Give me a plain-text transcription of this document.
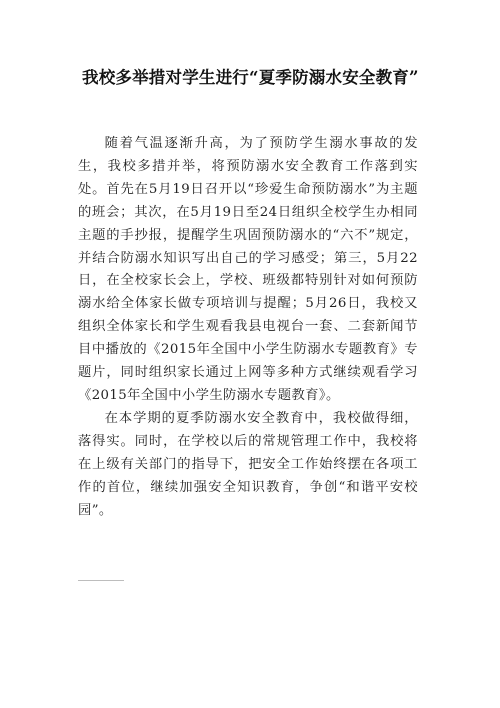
我校多举措对学生进行“夏季防溺水安全教育”

随着气温逐渐升高，为了预防学生溺水事故的发生，我校多措并举，将预防溺水安全教育工作落到实处。首先在5月19日召开以“珍爱生命预防溺水”为主题的班会；其次，在5月19日至24日组织全校学生办相同主题的手抄报，提醒学生巩固预防溺水的“六不”规定，并结合防溺水知识写出自己的学习感受；第三，5月22日，在全校家长会上，学校、班级都特别针对如何预防溺水给全体家长做专项培训与提醒；5月26日，我校又组织全体家长和学生观看我县电视台一套、二套新闻节目中播放的《2015年全国中小学生防溺水专题教育》专题片，同时组织家长通过上网等多种方式继续观看学习《2015年全国中小学生防溺水专题教育》。

在本学期的夏季防溺水安全教育中，我校做得细，落得实。同时，在学校以后的常规管理工作中，我校将在上级有关部门的指导下，把安全工作始终摆在各项工作的首位，继续加强安全知识教育，争创“和谐平安校园”。
